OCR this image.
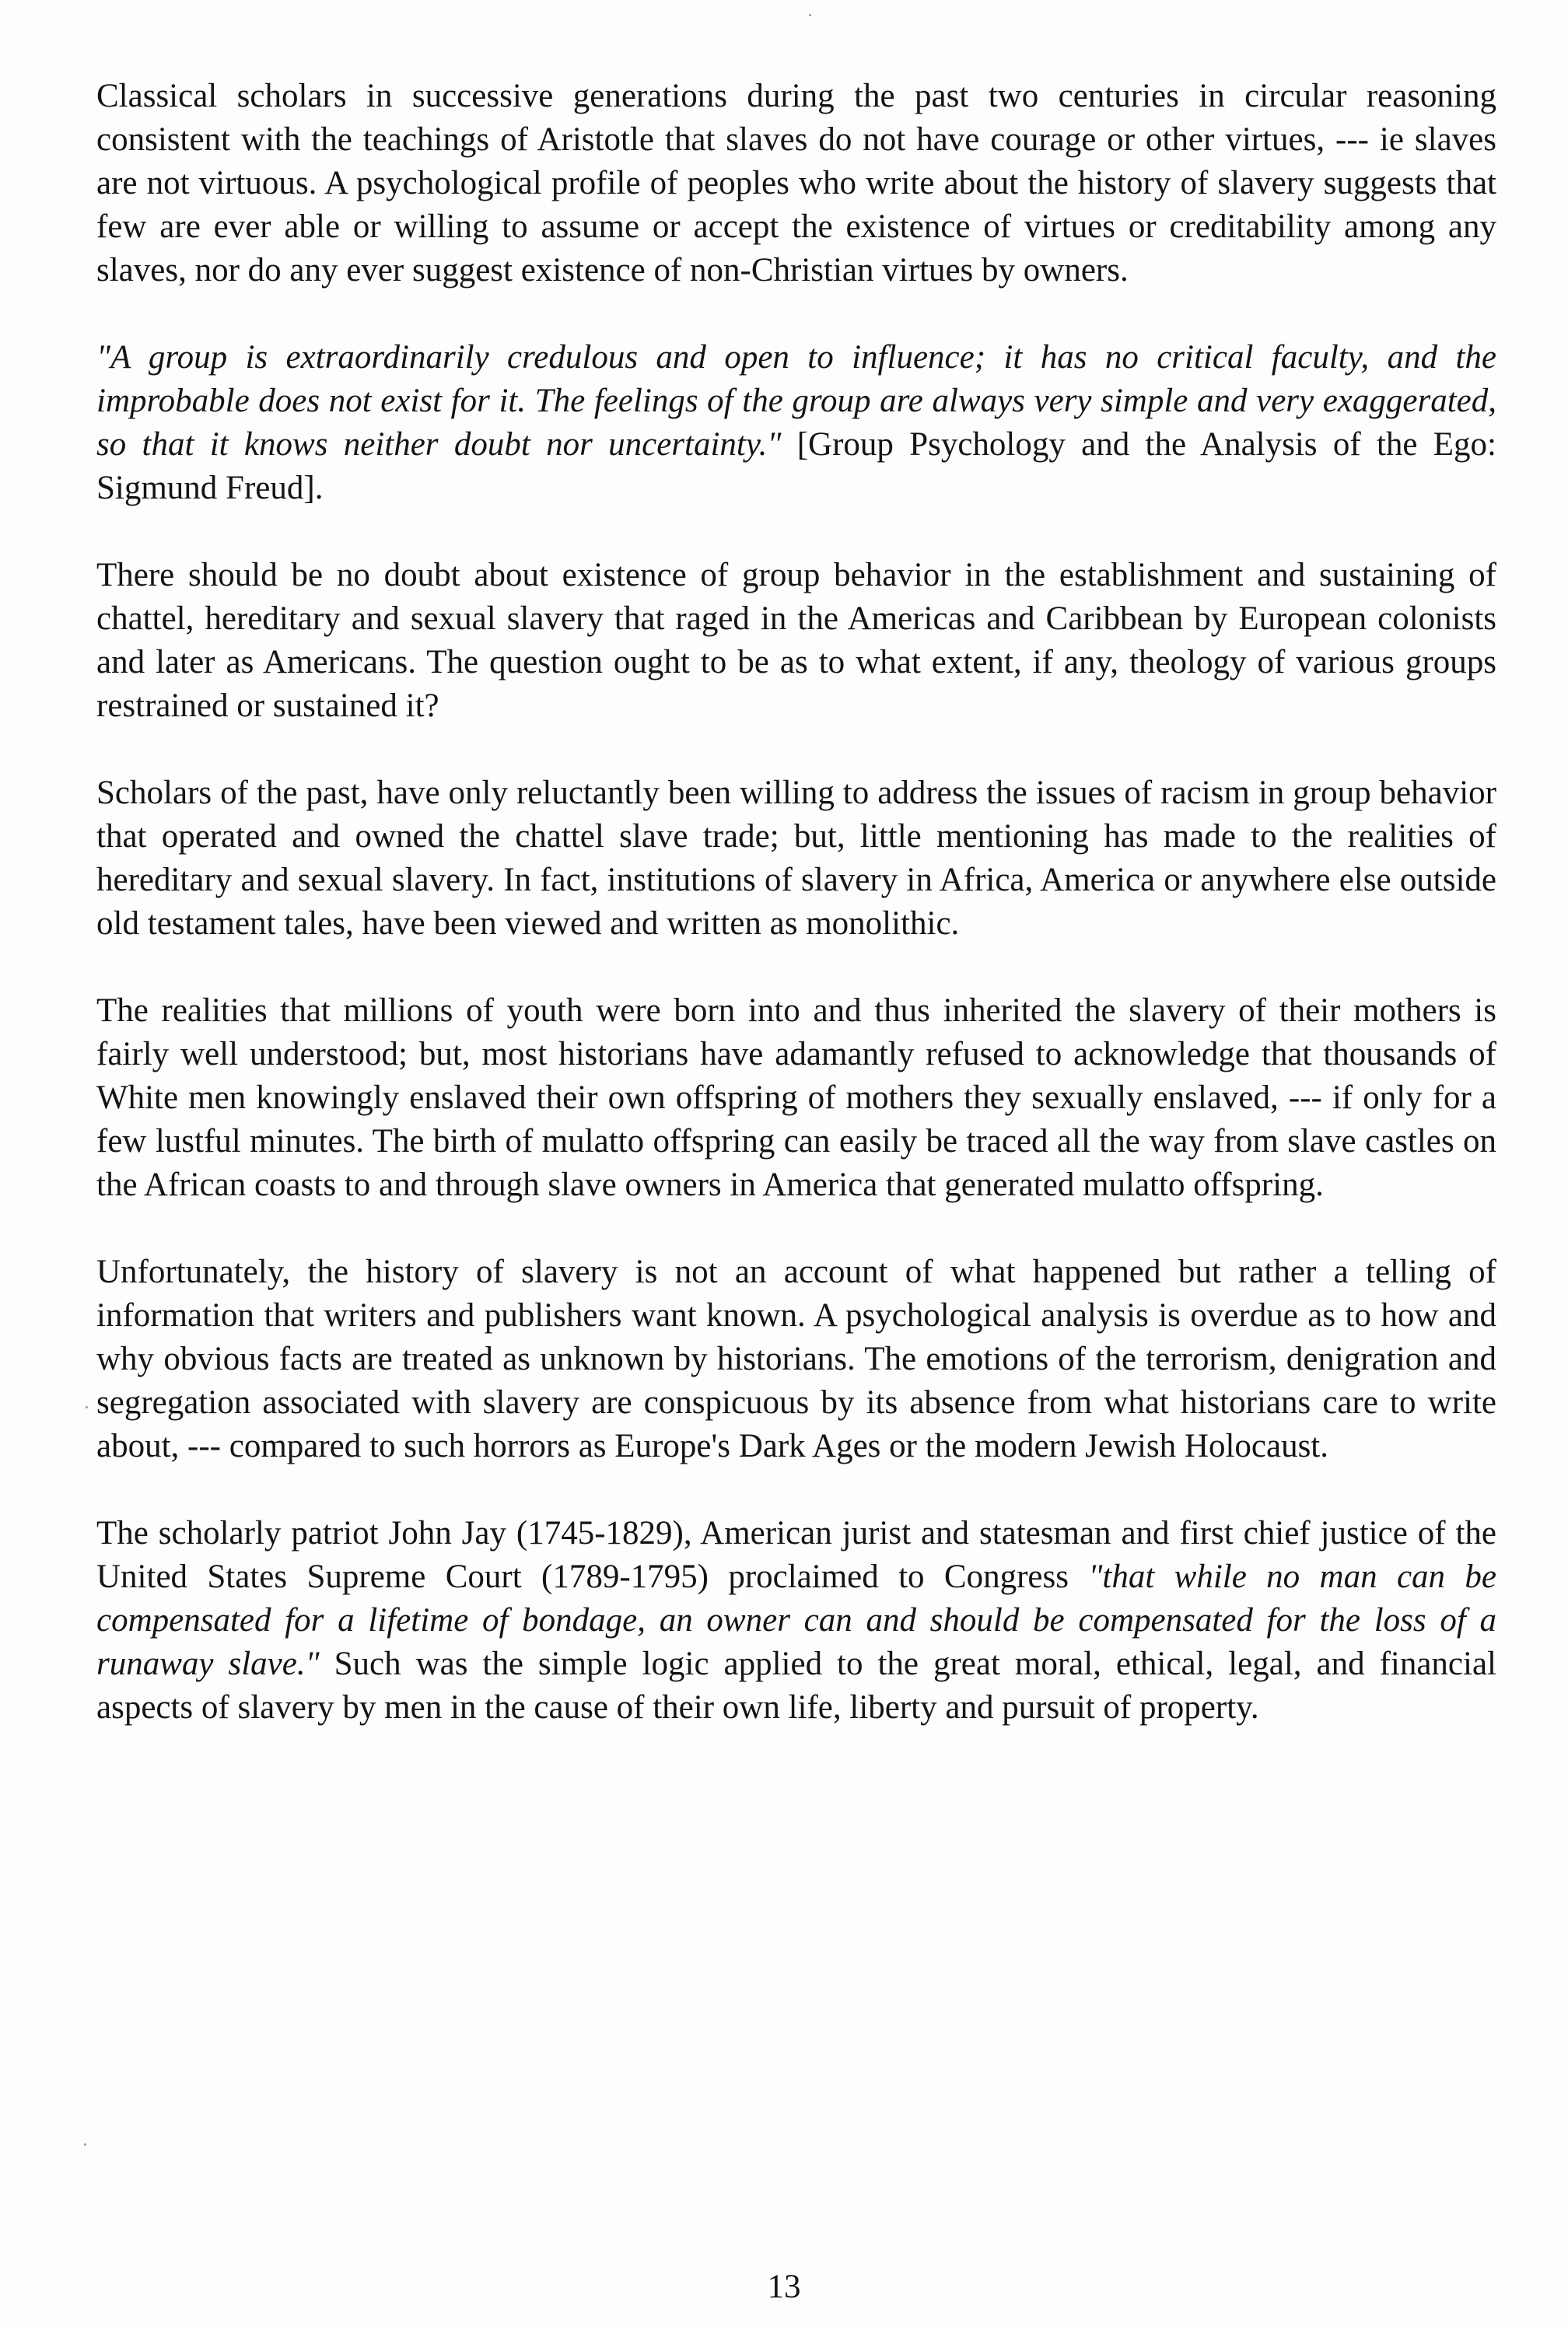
Classical scholars in successive generations during the past two centuries in circular reasoning consistent with the teachings of Aristotle that slaves do not have courage or other virtues, --- ie slaves are not virtuous. A psychological profile of peoples who write about the history of slavery suggests that few are ever able or willing to assume or accept the existence of virtues or creditability among any slaves, nor do any ever suggest existence of non-Christian virtues by owners.

"A group is extraordinarily credulous and open to influence; it has no critical faculty, and the improbable does not exist for it. The feelings of the group are always very simple and very exaggerated, so that it knows neither doubt nor uncertainty." [Group Psychology and the Analysis of the Ego: Sigmund Freud].

There should be no doubt about existence of group behavior in the establishment and sustaining of chattel, hereditary and sexual slavery that raged in the Americas and Caribbean by European colonists and later as Americans. The question ought to be as to what extent, if any, theology of various groups restrained or sustained it?

Scholars of the past, have only reluctantly been willing to address the issues of racism in group behavior that operated and owned the chattel slave trade; but, little mentioning has made to the realities of hereditary and sexual slavery. In fact, institutions of slavery in Africa, America or anywhere else outside old testament tales, have been viewed and written as monolithic.

The realities that millions of youth were born into and thus inherited the slavery of their mothers is fairly well understood; but, most historians have adamantly refused to acknowledge that thousands of White men knowingly enslaved their own offspring of mothers they sexually enslaved, --- if only for a few lustful minutes. The birth of mulatto offspring can easily be traced all the way from slave castles on the African coasts to and through slave owners in America that generated mulatto offspring.

Unfortunately, the history of slavery is not an account of what happened but rather a telling of information that writers and publishers want known. A psychological analysis is overdue as to how and why obvious facts are treated as unknown by historians. The emotions of the terrorism, denigration and segregation associated with slavery are conspicuous by its absence from what historians care to write about, --- compared to such horrors as Europe's Dark Ages or the modern Jewish Holocaust.

The scholarly patriot John Jay (1745-1829), American jurist and statesman and first chief justice of the United States Supreme Court (1789-1795) proclaimed to Congress "that while no man can be compensated for a lifetime of bondage, an owner can and should be compensated for the loss of a runaway slave." Such was the simple logic applied to the great moral, ethical, legal, and financial aspects of slavery by men in the cause of their own life, liberty and pursuit of property.

13
